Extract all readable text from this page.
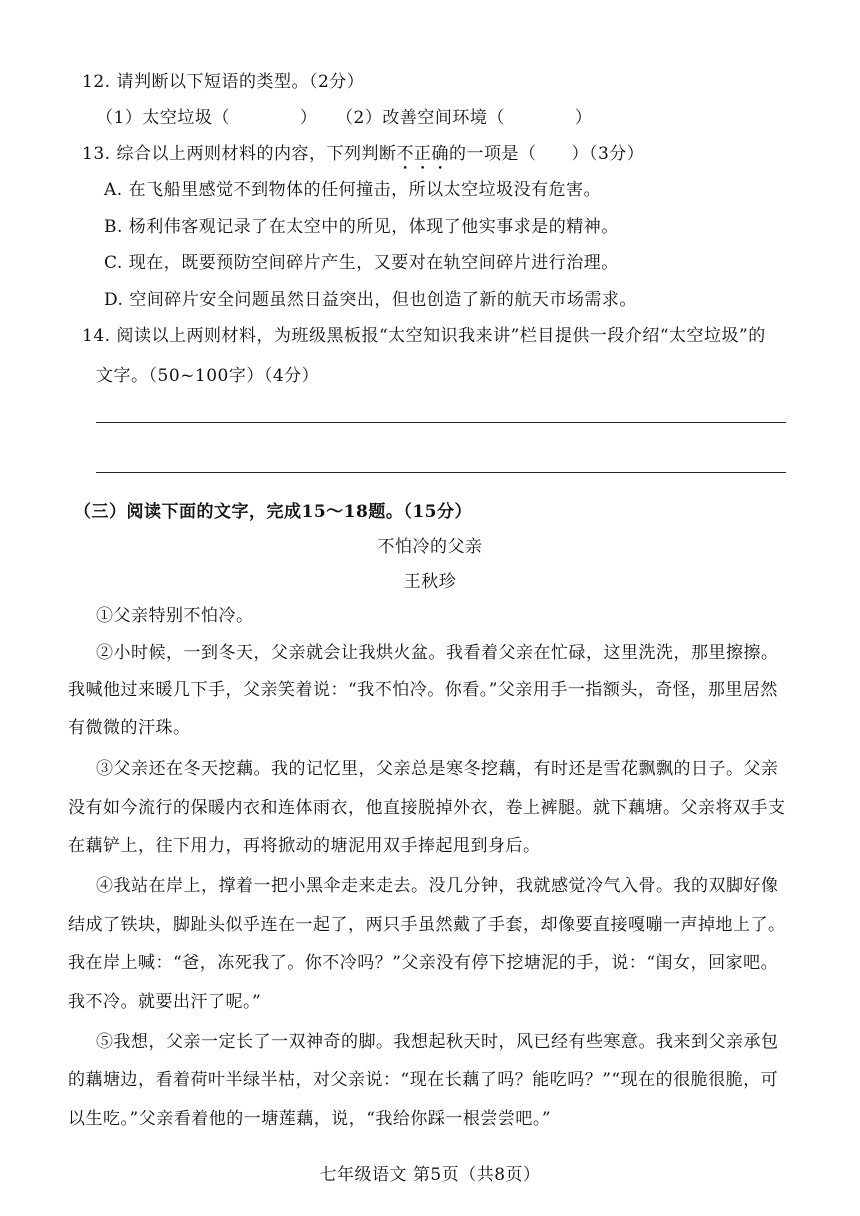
12. 请判断以下短语的类型。（2分）
（1）太空垃圾（　　　　） （2）改善空间环境（　　　　）
13. 综合以上两则材料的内容，下列判断不正确的一项是（　　）（3分）
A. 在飞船里感觉不到物体的任何撞击，所以太空垃圾没有危害。
B. 杨利伟客观记录了在太空中的所见，体现了他实事求是的精神。
C. 现在，既要预防空间碎片产生，又要对在轨空间碎片进行治理。
D. 空间碎片安全问题虽然日益突出，但也创造了新的航天市场需求。
14. 阅读以上两则材料，为班级黑板报“太空知识我来讲”栏目提供一段介绍“太空垃圾”的
文字。（50~100字）（4分）
（三）阅读下面的文字，完成15～18题。（15分）
不怕冷的父亲
王秋珍
①父亲特别不怕冷。
②小时候，一到冬天，父亲就会让我烘火盆。我看着父亲在忙碌，这里洗洗，那里擦擦。
我喊他过来暖几下手，父亲笑着说：“我不怕冷。你看。”父亲用手一指额头，奇怪，那里居然
有微微的汗珠。
③父亲还在冬天挖藕。我的记忆里，父亲总是寒冬挖藕，有时还是雪花飘飘的日子。父亲
没有如今流行的保暖内衣和连体雨衣，他直接脱掉外衣，卷上裤腿。就下藕塘。父亲将双手支
在藕铲上，往下用力，再将掀动的塘泥用双手捧起甩到身后。
④我站在岸上，撑着一把小黑伞走来走去。没几分钟，我就感觉冷气入骨。我的双脚好像
结成了铁块，脚趾头似乎连在一起了，两只手虽然戴了手套，却像要直接嘎嘣一声掉地上了。
我在岸上喊：“爸，冻死我了。你不冷吗？”父亲没有停下挖塘泥的手，说：“闺女，回家吧。
我不冷。就要出汗了呢。”
⑤我想，父亲一定长了一双神奇的脚。我想起秋天时，风已经有些寒意。我来到父亲承包
的藕塘边，看着荷叶半绿半枯，对父亲说：“现在长藕了吗？能吃吗？”“现在的很脆很脆，可
以生吃。”父亲看着他的一塘莲藕，说，“我给你踩一根尝尝吧。”
七年级语文 第5页（共8页）
